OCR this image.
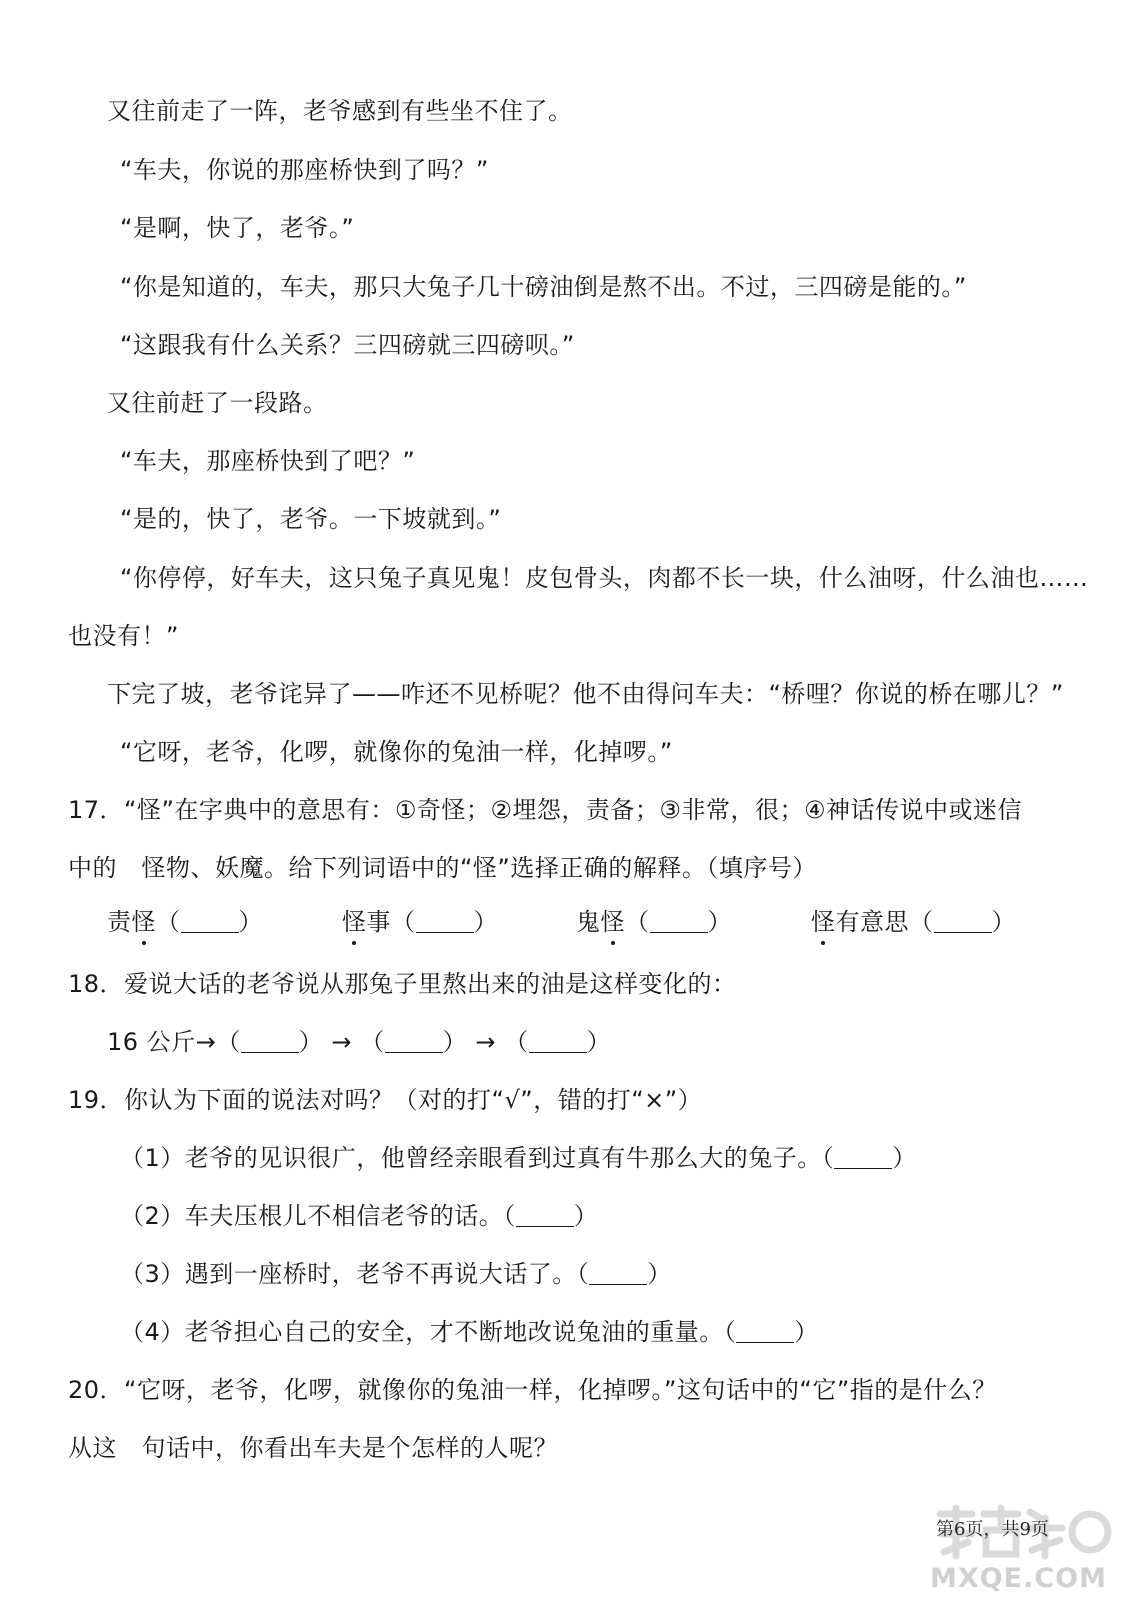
又往前走了一阵，老爷感到有些坐不住了。
“车夫，你说的那座桥快到了吗？”
“是啊，快了，老爷。”
“你是知道的，车夫，那只大兔子几十磅油倒是熬不出。不过，三四磅是能的。”
“这跟我有什么关系？三四磅就三四磅呗。”
又往前赶了一段路。
“车夫，那座桥快到了吧？”
“是的，快了，老爷。一下坡就到。”
“你停停，好车夫，这只兔子真见鬼！皮包骨头，肉都不长一块，什么油呀，什么油也……
也没有！”
下完了坡，老爷诧异了——咋还不见桥呢？他不由得问车夫：“桥哩？你说的桥在哪儿？”
“它呀，老爷，化啰，就像你的兔油一样，化掉啰。”
17．“怪”在字典中的意思有：①奇怪；②埋怨，责备；③非常，很；④神话传说中或迷信
中的　怪物、妖魔。给下列词语中的“怪”选择正确的解释。（填序号）
责怪（ ）	怪事（ ）	鬼怪（ ）	怪有意思（ ）
18．爱说大话的老爷说从那兔子里熬出来的油是这样变化的：
16 公斤→（ ） → （ ） → （ ）
19．你认为下面的说法对吗？（对的打“√”，错的打“×”）
（1）老爷的见识很广，他曾经亲眼看到过真有牛那么大的兔子。（ ）
（2）车夫压根儿不相信老爷的话。（ ）
（3）遇到一座桥时，老爷不再说大话了。（ ）
（4）老爷担心自己的安全，才不断地改说兔油的重量。（ ）
20．“它呀，老爷，化啰，就像你的兔油一样，化掉啰。”这句话中的“它”指的是什么？
从这　句话中，你看出车夫是个怎样的人呢？
第6页，共9页
MXQE.COM
